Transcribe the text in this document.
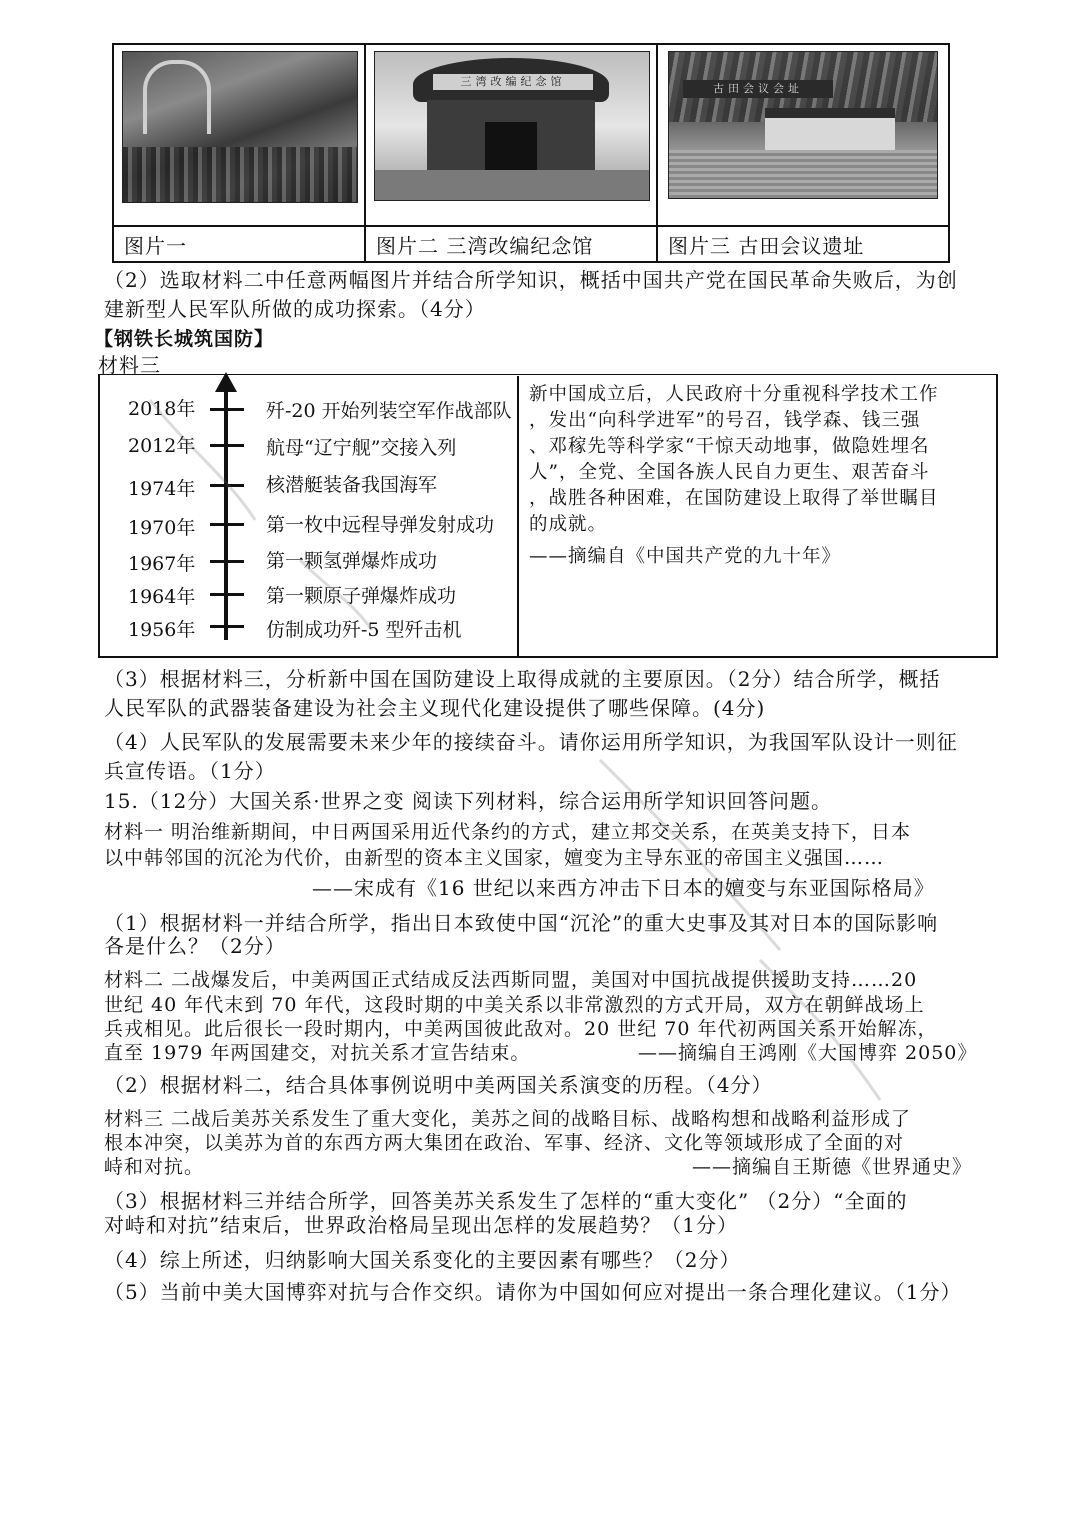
	三湾改编纪念馆	古田会议会址

图片一	图片二 三湾改编纪念馆	图片三 古田会议遗址
（2）选取材料二中任意两幅图片并结合所学知识，概括中国共产党在国民革命失败后，为创
建新型人民军队所做的成功探索。（4分）
【钢铁长城筑国防】
材料三
2018年	歼-20 开始列装空军作战部队
2012年	航母“辽宁舰”交接入列
1974年	核潜艇装备我国海军
1970年	第一枚中远程导弹发射成功
1967年	第一颗氢弹爆炸成功
1964年	第一颗原子弹爆炸成功
1956年	仿制成功歼-5 型歼击机
新中国成立后，人民政府十分重视科学技术工作
，发出“向科学进军”的号召，钱学森、钱三强
、邓稼先等科学家“干惊天动地事，做隐姓埋名
人”，全党、全国各族人民自力更生、艰苦奋斗
，战胜各种困难，在国防建设上取得了举世瞩目
的成就。
——摘编自《中国共产党的九十年》
（3）根据材料三，分析新中国在国防建设上取得成就的主要原因。（2分）结合所学，概括
人民军队的武器装备建设为社会主义现代化建设提供了哪些保障。(4分)
（4）人民军队的发展需要未来少年的接续奋斗。请你运用所学知识，为我国军队设计一则征
兵宣传语。（1分）
15.（12分）大国关系·世界之变 阅读下列材料，综合运用所学知识回答问题。
材料一 明治维新期间，中日两国采用近代条约的方式，建立邦交关系，在英美支持下，日本
以中韩邻国的沉沦为代价，由新型的资本主义国家，嬗变为主导东亚的帝国主义强国……
——宋成有《16 世纪以来西方冲击下日本的嬗变与东亚国际格局》
（1）根据材料一并结合所学，指出日本致使中国“沉沦”的重大史事及其对日本的国际影响
各是什么？（2分）
材料二 二战爆发后，中美两国正式结成反法西斯同盟，美国对中国抗战提供援助支持……20
世纪 40 年代末到 70 年代，这段时期的中美关系以非常激烈的方式开局，双方在朝鲜战场上
兵戎相见。此后很长一段时期内，中美两国彼此敌对。20 世纪 70 年代初两国关系开始解冻，
直至 1979 年两国建交，对抗关系才宣告结束。	——摘编自王鸿刚《大国博弈 2050》
（2）根据材料二，结合具体事例说明中美两国关系演变的历程。（4分）
材料三 二战后美苏关系发生了重大变化，美苏之间的战略目标、战略构想和战略利益形成了
根本冲突，以美苏为首的东西方两大集团在政治、军事、经济、文化等领域形成了全面的对
峙和对抗。	——摘编自王斯德《世界通史》
（3）根据材料三并结合所学，回答美苏关系发生了怎样的“重大变化” （2分）“全面的
对峙和对抗”结束后，世界政治格局呈现出怎样的发展趋势？（1分）
（4）综上所述，归纳影响大国关系变化的主要因素有哪些？（2分）
（5）当前中美大国博弈对抗与合作交织。请你为中国如何应对提出一条合理化建议。（1分）
